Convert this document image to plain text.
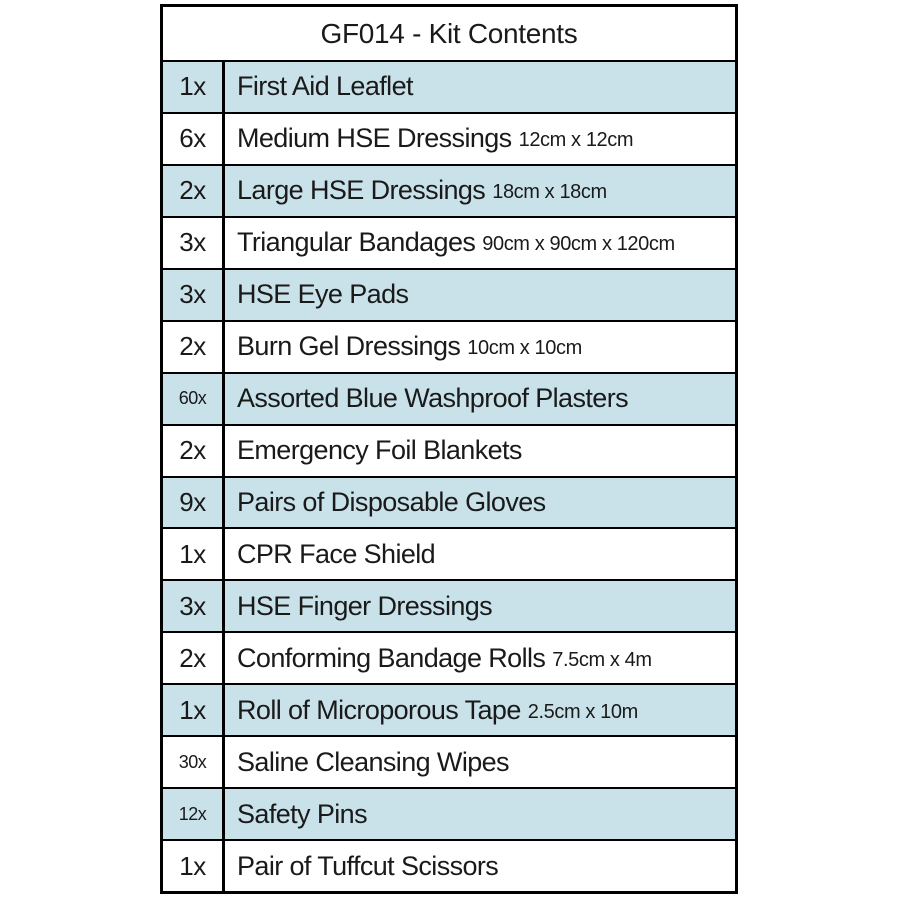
GF014 - Kit Contents
1x	First Aid Leaflet
6x	Medium HSE Dressings 12cm x 12cm
2x	Large HSE Dressings 18cm x 18cm
3x	Triangular Bandages 90cm x 90cm x 120cm
3x	HSE Eye Pads
2x	Burn Gel Dressings 10cm x 10cm
60x	Assorted Blue Washproof Plasters
2x	Emergency Foil Blankets
9x	Pairs of Disposable Gloves
1x	CPR Face Shield
3x	HSE Finger Dressings
2x	Conforming Bandage Rolls 7.5cm x 4m
1x	Roll of Microporous Tape 2.5cm x 10m
30x	Saline Cleansing Wipes
12x	Safety Pins
1x	Pair of Tuffcut Scissors
